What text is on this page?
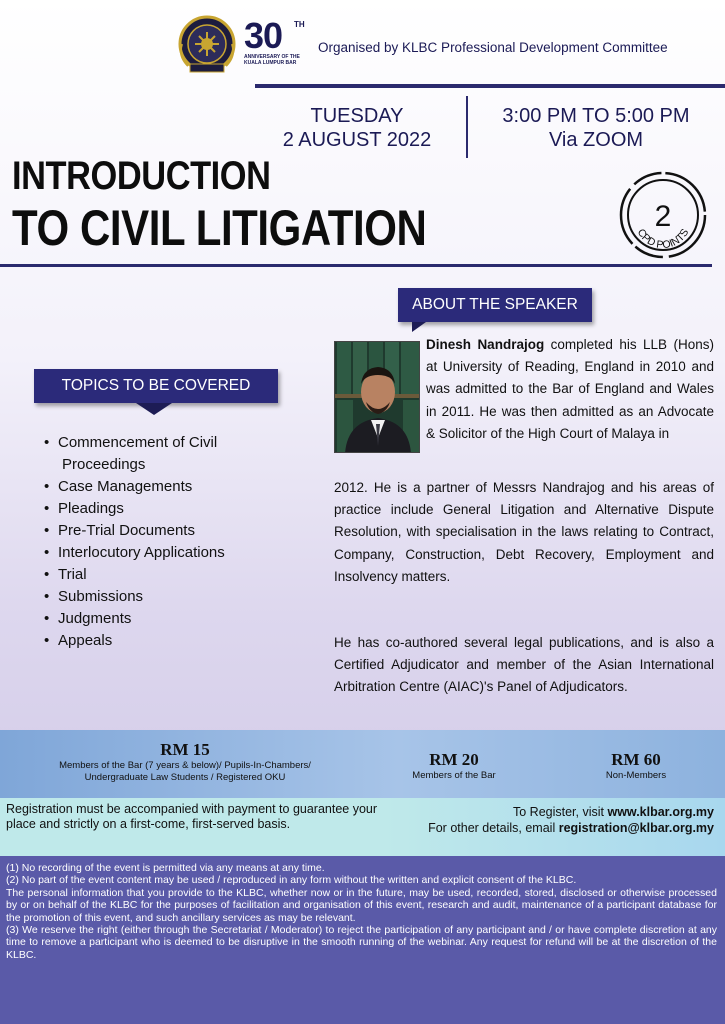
30	TH
ANNIVERSARY OF THE
KUALA LUMPUR BAR
Organised by KLBC Professional Development Committee
TUESDAY
2 AUGUST 2022
3:00 PM TO 5:00 PM
Via ZOOM
INTRODUCTION
TO CIVIL LITIGATION	2
CPD POINTS
ABOUT THE SPEAKER
TOPICS TO BE COVERED
• Commencement of Civil
Proceedings
• Case Managements
• Pleadings
• Pre-Trial Documents
• Interlocutory Applications
• Trial
• Submissions
• Judgments
• Appeals
Dinesh Nandrajog completed his LLB (Hons) at University of Reading, England in 2010 and was admitted to the Bar of England and Wales in 2011. He was then admitted as an Advocate & Solicitor of the High Court of Malaya in
2012. He is a partner of Messrs Nandrajog and his areas of practice include General Litigation and Alternative Dispute Resolution, with specialisation in the laws relating to Contract, Company, Construction, Debt Recovery, Employment and Insolvency matters.
He has co-authored several legal publications, and is also a Certified Adjudicator and member of the Asian International Arbitration Centre (AIAC)'s Panel of Adjudicators.
RM 15
Members of the Bar (7 years & below)/ Pupils-In-Chambers/
Undergraduate Law Students / Registered OKU
RM 20
Members of the Bar
RM 60
Non-Members
Registration must be accompanied with payment to guarantee your place and strictly on a first-come, first-served basis.
To Register, visit www.klbar.org.my
For other details, email registration@klbar.org.my

(1) No recording of the event is permitted via any means at any time.

(2) No part of the event content may be used / reproduced in any form without the written and explicit consent of the KLBC.

The personal information that you provide to the KLBC, whether now or in the future, may be used, recorded, stored, disclosed or otherwise processed by or on behalf of the KLBC for the purposes of facilitation and organisation of this event, research and audit, maintenance of a participant database for the promotion of this event, and such ancillary services as may be relevant.

(3) We reserve the right (either through the Secretariat / Moderator) to reject the participation of any participant and / or have complete discretion at any time to remove a participant who is deemed to be disruptive in the smooth running of the webinar. Any request for refund will be at the discretion of the KLBC.
